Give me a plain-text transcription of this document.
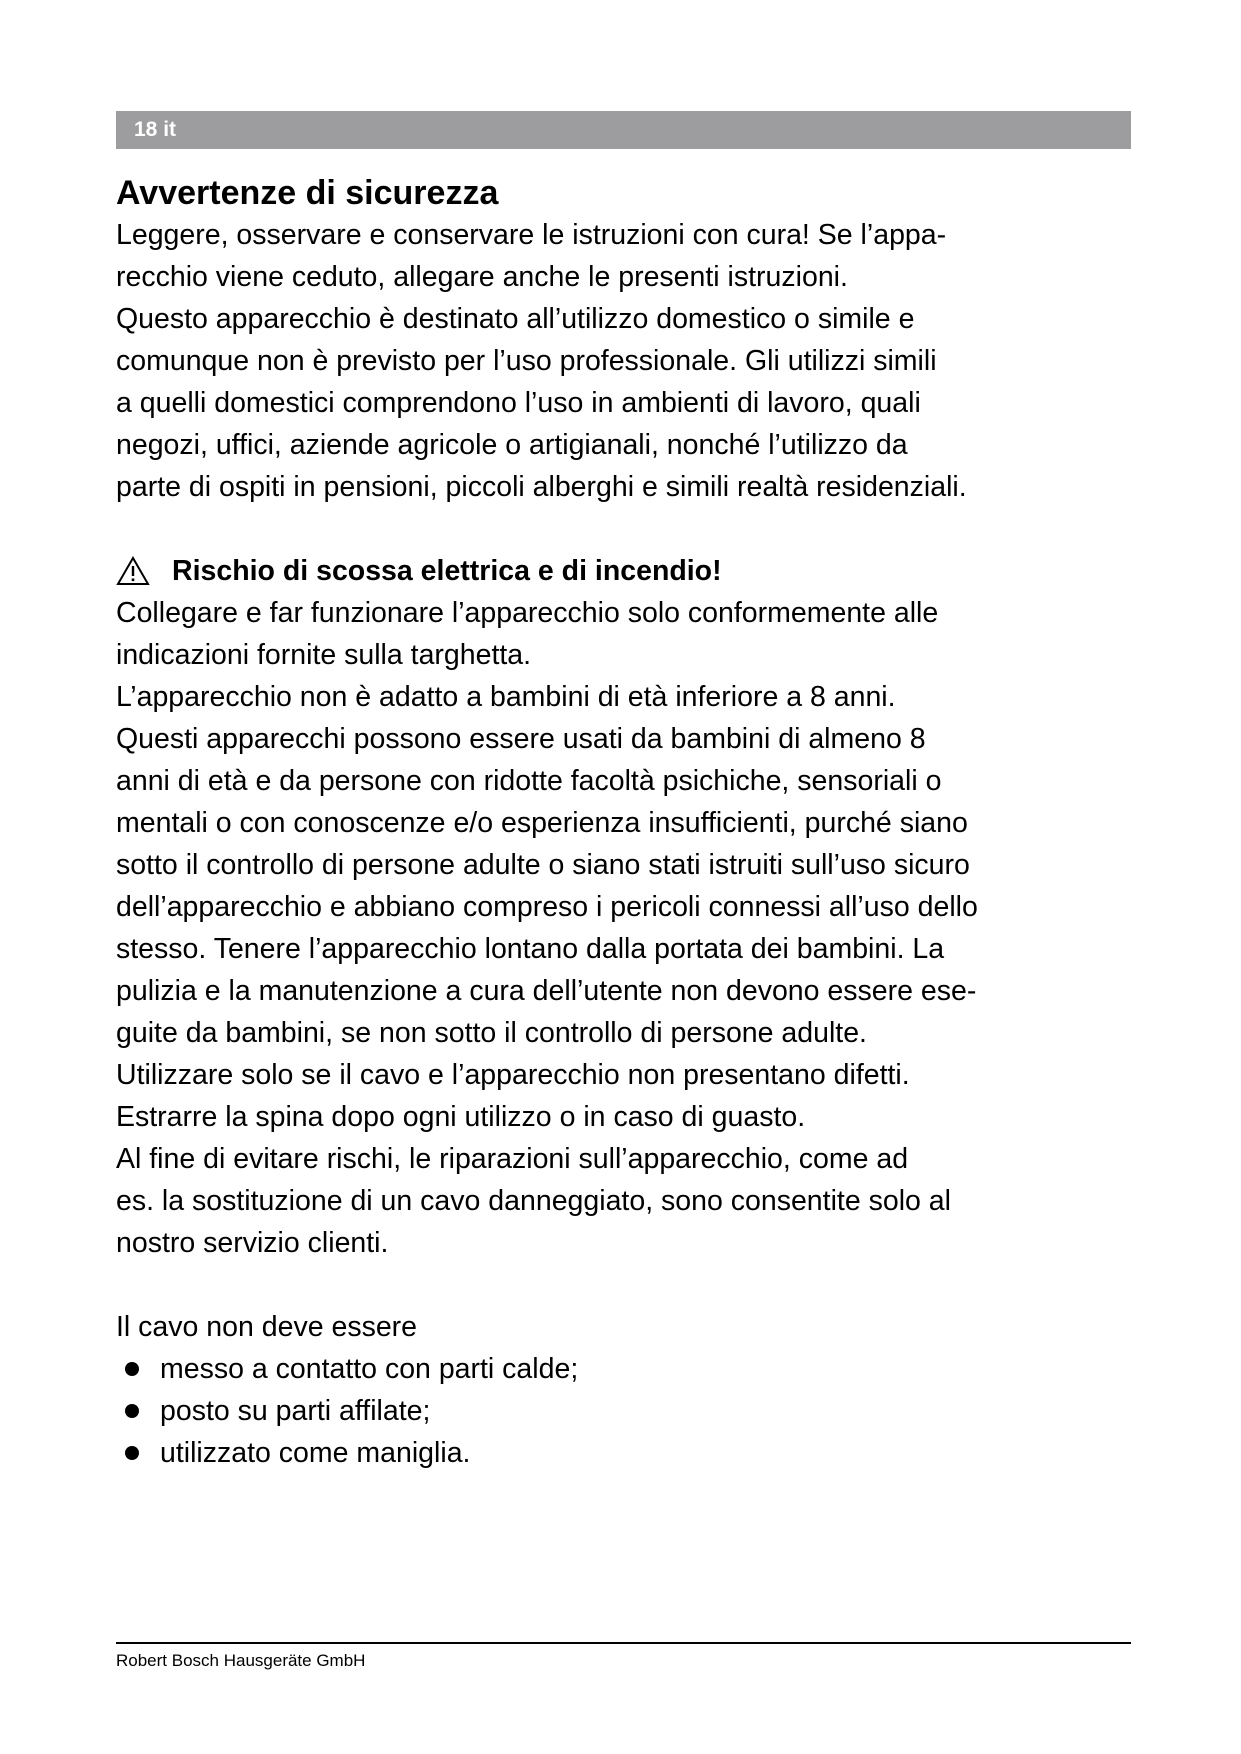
18 it
Avvertenze di sicurezza
Leggere, osservare e conservare le istruzioni con cura! Se l’appa-
recchio viene ceduto, allegare anche le presenti istruzioni.
Questo apparecchio è destinato all’utilizzo domestico o simile e
comunque non è previsto per l’uso professionale. Gli utilizzi simili
a quelli domestici comprendono l’uso in ambienti di lavoro, quali
negozi, uffici, aziende agricole o artigianali, nonché l’utilizzo da
parte di ospiti in pensioni, piccoli alberghi e simili realtà residenziali.
Rischio di scossa elettrica e di incendio!
Collegare e far funzionare l’apparecchio solo conformemente alle
indicazioni fornite sulla targhetta.
L’apparecchio non è adatto a bambini di età inferiore a 8 anni.
Questi apparecchi possono essere usati da bambini di almeno 8
anni di età e da persone con ridotte facoltà psichiche, sensoriali o
mentali o con conoscenze e/o esperienza insufficienti, purché siano
sotto il controllo di persone adulte o siano stati istruiti sull’uso sicuro
dell’apparecchio e abbiano compreso i pericoli connessi all’uso dello
stesso. Tenere l’apparecchio lontano dalla portata dei bambini. La
pulizia e la manutenzione a cura dell’utente non devono essere ese-
guite da bambini, se non sotto il controllo di persone adulte.
Utilizzare solo se il cavo e l’apparecchio non presentano difetti.
Estrarre la spina dopo ogni utilizzo o in caso di guasto.
Al fine di evitare rischi, le riparazioni sull’apparecchio, come ad
es. la sostituzione di un cavo danneggiato, sono consentite solo al
nostro servizio clienti.
Il cavo non deve essere
messo a contatto con parti calde;
posto su parti affilate;
utilizzato come maniglia.
Robert Bosch Hausgeräte GmbH
